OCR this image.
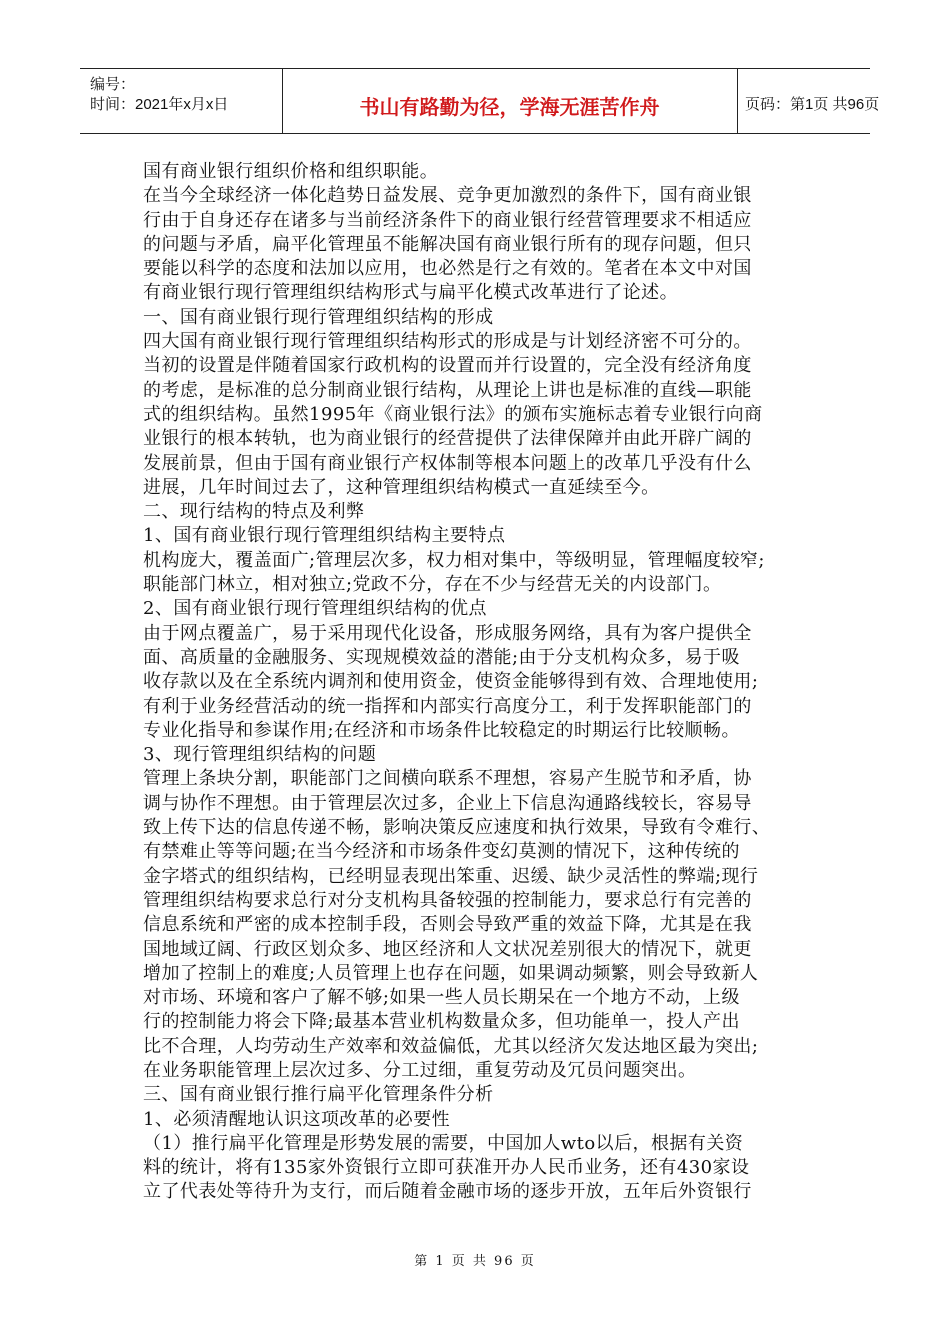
编号：
时间：2021年x月x日	书山有路勤为径，学海无涯苦作舟	页码：第1页 共96页
国有商业银行组织价格和组织职能。
在当今全球经济一体化趋势日益发展、竞争更加激烈的条件下，国有商业银
行由于自身还存在诸多与当前经济条件下的商业银行经营管理要求不相适应
的问题与矛盾，扁平化管理虽不能解决国有商业银行所有的现存问题，但只
要能以科学的态度和法加以应用，也必然是行之有效的。笔者在本文中对国
有商业银行现行管理组织结构形式与扁平化模式改革进行了论述。
一、国有商业银行现行管理组织结构的形成
四大国有商业银行现行管理组织结构形式的形成是与计划经济密不可分的。
当初的设置是伴随着国家行政机构的设置而并行设置的，完全没有经济角度
的考虑，是标准的总分制商业银行结构，从理论上讲也是标准的直线—职能
式的组织结构。虽然1995年《商业银行法》的颁布实施标志着专业银行向商
业银行的根本转轨，也为商业银行的经营提供了法律保障并由此开辟广阔的
发展前景，但由于国有商业银行产权体制等根本问题上的改革几乎没有什么
进展，几年时间过去了，这种管理组织结构模式一直延续至今。
二、现行结构的特点及利弊
1、国有商业银行现行管理组织结构主要特点
机构庞大，覆盖面广;管理层次多，权力相对集中，等级明显，管理幅度较窄;
职能部门林立，相对独立;党政不分，存在不少与经营无关的内设部门。
2、国有商业银行现行管理组织结构的优点
由于网点覆盖广，易于采用现代化设备，形成服务网络，具有为客户提供全
面、高质量的金融服务、实现规模效益的潜能;由于分支机构众多，易于吸
收存款以及在全系统内调剂和使用资金，使资金能够得到有效、合理地使用;
有利于业务经营活动的统一指挥和内部实行高度分工，利于发挥职能部门的
专业化指导和参谋作用;在经济和市场条件比较稳定的时期运行比较顺畅。
3、现行管理组织结构的问题
管理上条块分割，职能部门之间横向联系不理想，容易产生脱节和矛盾，协
调与协作不理想。由于管理层次过多，企业上下信息沟通路线较长，容易导
致上传下达的信息传递不畅，影响决策反应速度和执行效果，导致有令难行、
有禁难止等等问题;在当今经济和市场条件变幻莫测的情况下，这种传统的
金字塔式的组织结构，已经明显表现出笨重、迟缓、缺少灵活性的弊端;现行
管理组织结构要求总行对分支机构具备较强的控制能力，要求总行有完善的
信息系统和严密的成本控制手段，否则会导致严重的效益下降，尤其是在我
国地域辽阔、行政区划众多、地区经济和人文状况差别很大的情况下，就更
增加了控制上的难度;人员管理上也存在问题，如果调动频繁，则会导致新人
对市场、环境和客户了解不够;如果一些人员长期呆在一个地方不动，上级
行的控制能力将会下降;最基本营业机构数量众多，但功能单一，投人产出
比不合理，人均劳动生产效率和效益偏低，尤其以经济欠发达地区最为突出;
在业务职能管理上层次过多、分工过细，重复劳动及冗员问题突出。
三、国有商业银行推行扁平化管理条件分析
1、必须清醒地认识这项改革的必要性
（1）推行扁平化管理是形势发展的需要，中国加人wto以后，根据有关资
料的统计，将有135家外资银行立即可获准开办人民币业务，还有430家设
立了代表处等待升为支行，而后随着金融市场的逐步开放，五年后外资银行
第 1 页 共 96 页
